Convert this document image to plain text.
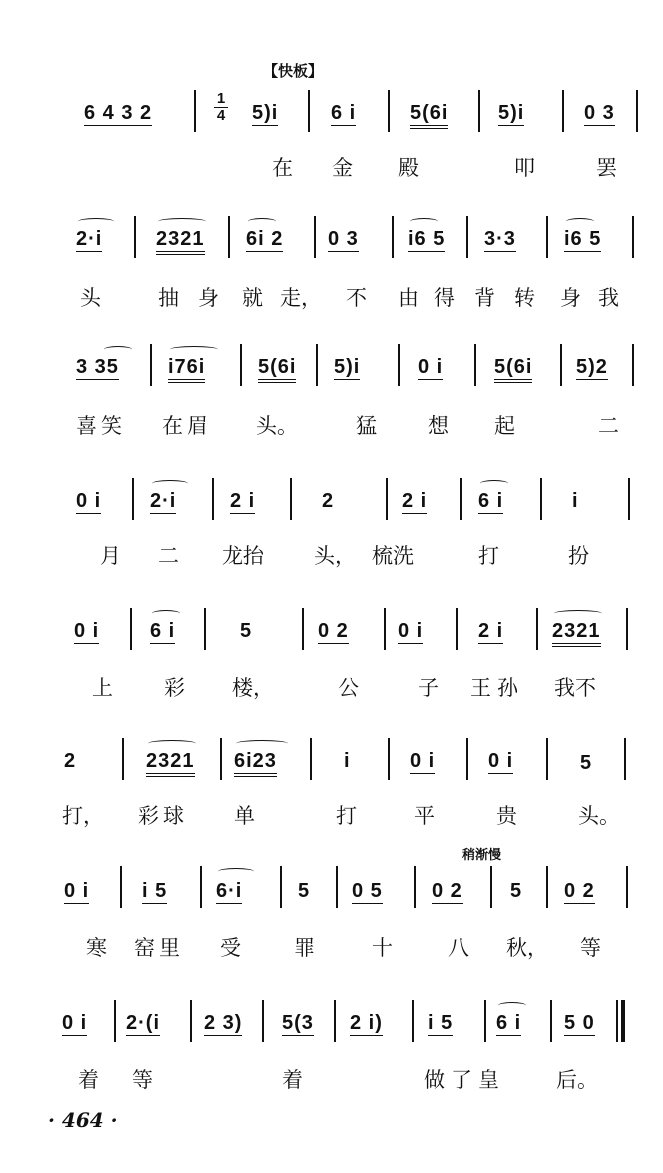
【快板】
稍渐慢
6 4 3 2
1
4 5)i	6 i	5(6i 5)i	0 3
在 金 殿	叩	罢
2·i	2321 6i 2 0 3 i6 5 3·3 i6 5
头	抽 身 就 走， 不 由 得 背 转 身 我
3 35 i76i	5(6i 5)i	0 i	5(6i 5)2
喜笑 在眉 头。	猛 想 起	二
0 i 2·i	2 i	2	2 i	6 i	i
月 二 龙抬 头， 梳洗	打	扮
0 i	6 i	5	0 2 0 i	2 i 2321
上 彩 楼，	公	子 王孙 我不
2	2321 6i23	i	0 i	0 i	5
打， 彩球 单	打	平	贵	头。
0 i	i 5 6·i	5 0 5 0 2 5 0 2
寒 窑里 受	罪	十	八 秋， 等
0 i 2·(i 2 3) 5(3 2 i) i 5 6 i 5 0
着 等	着	做了皇 后。
· 464 ·
